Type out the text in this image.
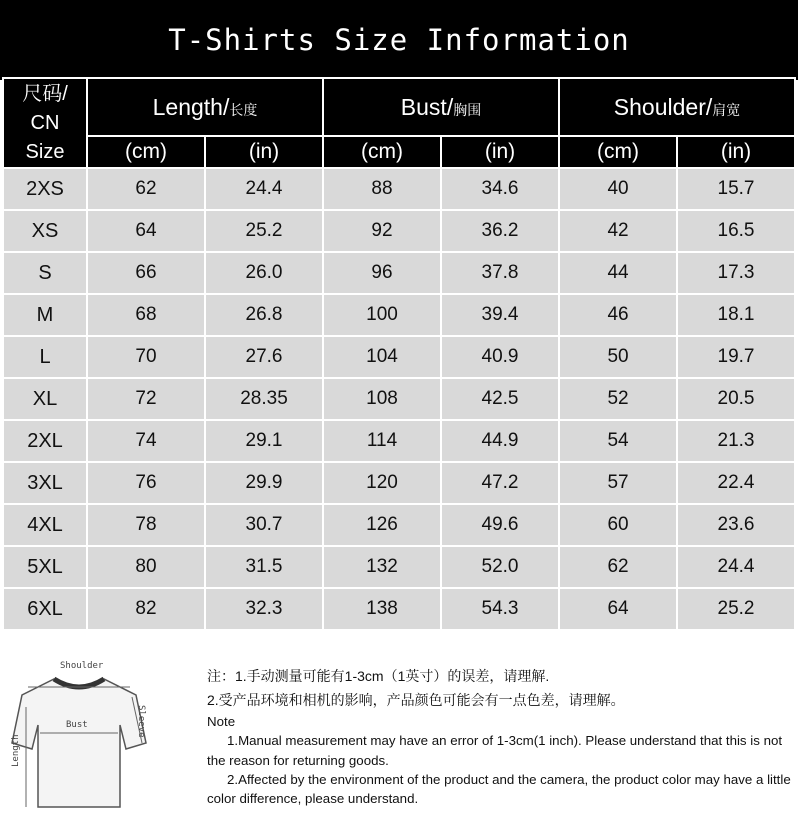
T-Shirts Size Information
尺码/
CN
Size	Length/长度		Bust/胸围		Shoulder/肩宽	
	(cm)	(in)	(cm)	(in)	(cm)	(in)
2XS	62	24.4	88	34.6	40	15.7
XS	64	25.2	92	36.2	42	16.5
S	66	26.0	96	37.8	44	17.3
M	68	26.8	100	39.4	46	18.1
L	70	27.6	104	40.9	50	19.7
XL	72	28.35	108	42.5	52	20.5
2XL	74	29.1	114	44.9	54	21.3
3XL	76	29.9	120	47.2	57	22.4
4XL	78	30.7	126	49.6	60	23.6
5XL	80	31.5	132	52.0	62	24.4
6XL	82	32.3	138	54.3	64	25.2
Shoulder
Bust	Sleeve
Length

注：1.手动测量可能有1-3cm（1英寸）的误差，请理解.

2.受产品环境和相机的影响，产品颜色可能会有一点色差，请理解。

Note

1.Manual measurement may have an error of 1-3cm(1 inch). Please understand that this is not the reason for returning goods.

2.Affected by the environment of the product and the camera, the product color may have a little color difference, please understand.
